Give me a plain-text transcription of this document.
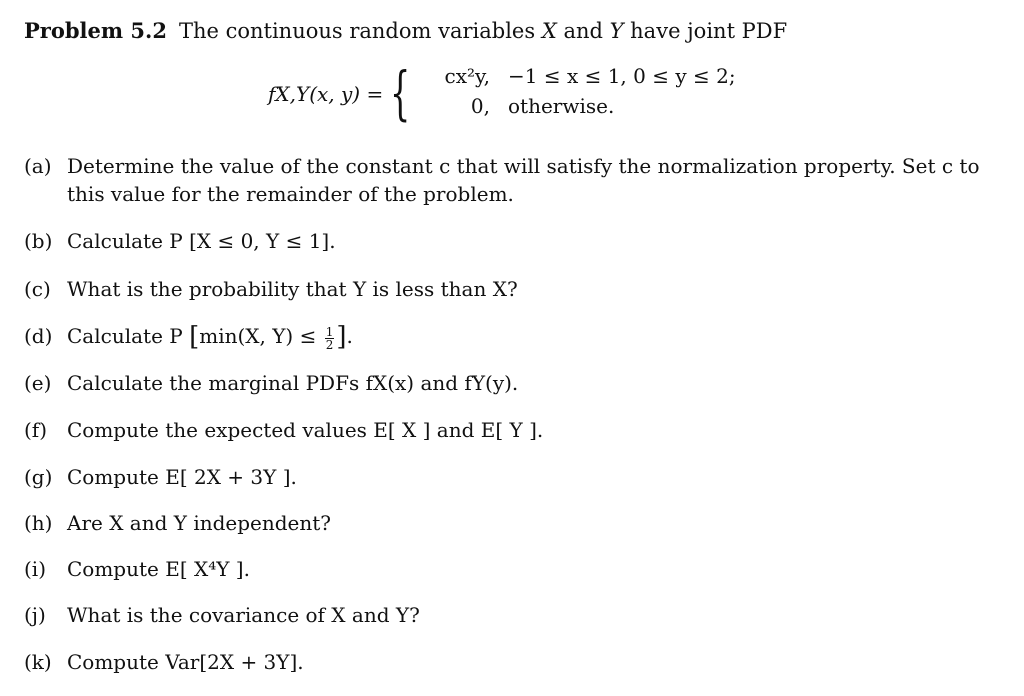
Problem 5.2 The continuous random variables X and Y have joint PDF
fX,Y(x, y) = {	cx²y, −1 ≤ x ≤ 1, 0 ≤ y ≤ 2;
0, otherwise.
(a) Determine the value of the constant c that will satisfy the normalization property. Set c to this value for the remainder of the problem.
(b) Calculate P [X ≤ 0, Y ≤ 1].
(c) What is the probability that Y is less than X?
(d) Calculate P [min(X, $Y) \le \frac{1}{2}$ ].
(e) Calculate the marginal PDFs fX(x) and fY(y).
(f) Compute the expected values E[ X ] and E[ Y ].
(g) Compute E[ 2X + 3Y ].
(h) Are X and Y independent?
(i) Compute E[ X⁴Y ].
(j) What is the covariance of X and Y?
(k) Compute Var[2X + 3Y].
